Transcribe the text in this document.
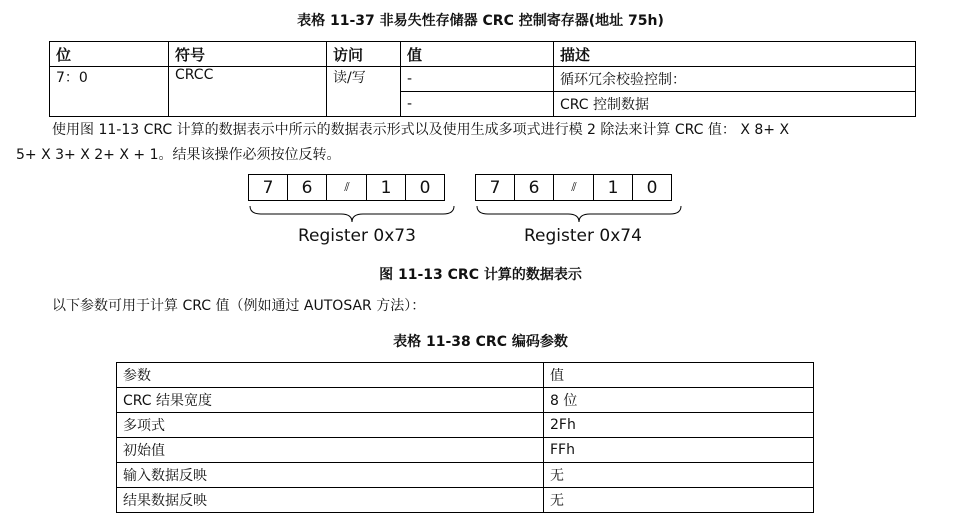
表格 11-37 非易失性存储器 CRC 控制寄存器(地址 75h)
位	符号	访问	值	描述
7：0	CRCC	读/写	-	循环冗余校验控制：
			-	CRC 控制数据
使用图 11-13 CRC 计算的数据表示中所示的数据表示形式以及使用生成多项式进行模 2 除法来计算 CRC 值： X 8+ X
5+ X 3+ X 2+ X + 1。结果该操作必须按位反转。
7	6	⫽	1	0
Register 0x73
7	6	⫽	1	0
Register 0x74
图 11-13 CRC 计算的数据表示
以下参数可用于计算 CRC 值（例如通过 AUTOSAR 方法）：
表格 11-38 CRC 编码参数
参数	值
CRC 结果宽度	8 位
多项式	2Fh
初始值	FFh
输入数据反映	无
结果数据反映	无
